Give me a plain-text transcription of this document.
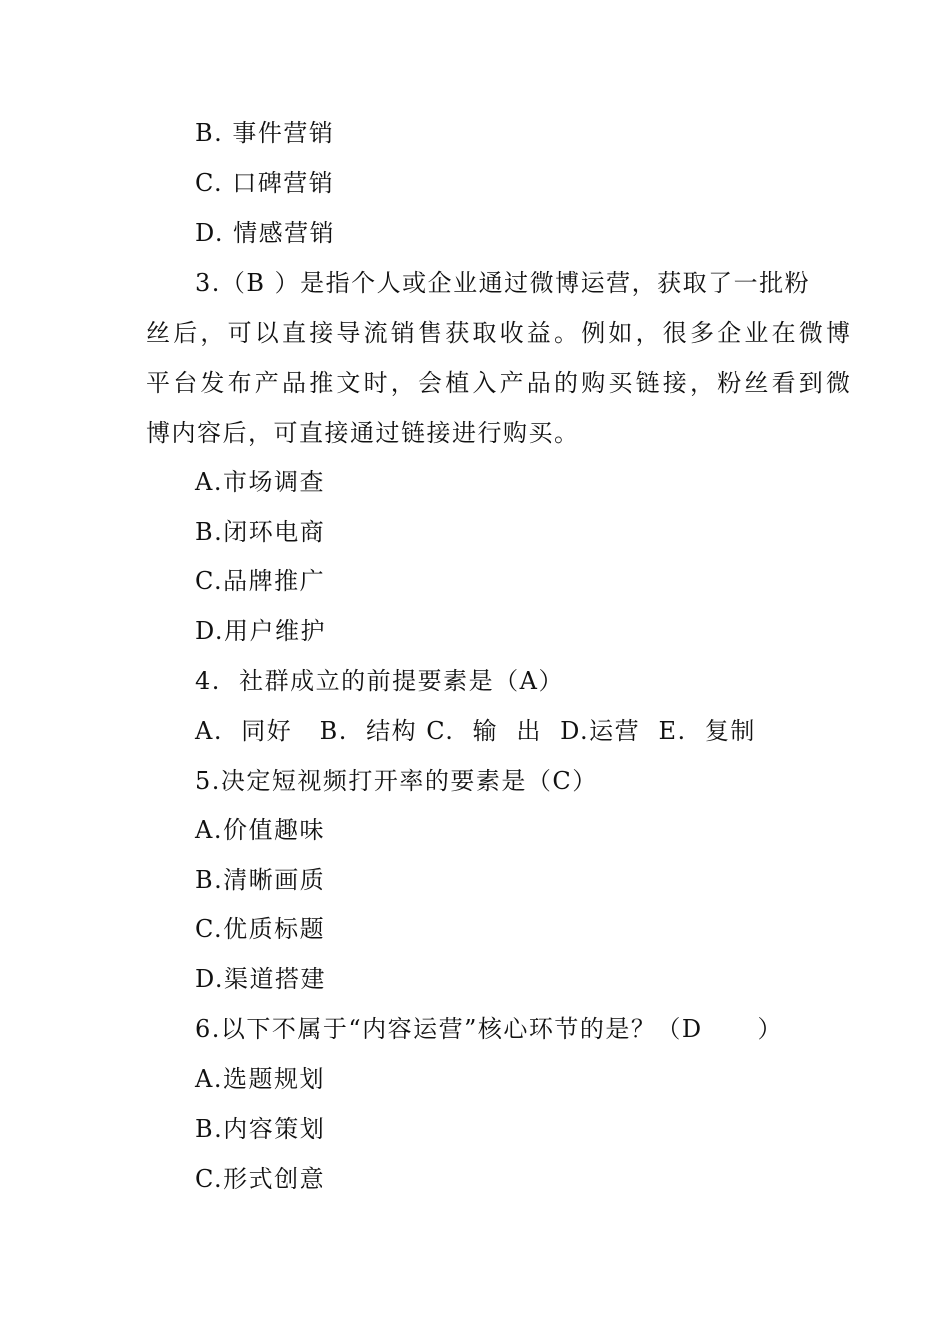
B. 事件营销
C. 口碑营销
D. 情感营销
3.（B ）是指个人或企业通过微博运营，获取了一批粉
丝后，可以直接导流销售获取收益。例如，很多企业在微博
平台发布产品推文时，会植入产品的购买链接，粉丝看到微
博内容后，可直接通过链接进行购买。
A.市场调查
B.闭环电商
C.品牌推广
D.用户维护
4.  社群成立的前提要素是（A）
A.  同好   B.  结构 C.  输  出  D.运营  E.  复制
5.决定短视频打开率的要素是（C）
A.价值趣味
B.清晰画质
C.优质标题
D.渠道搭建
6.以下不属于“内容运营”核心环节的是？（D      ）
A.选题规划
B.内容策划
C.形式创意
